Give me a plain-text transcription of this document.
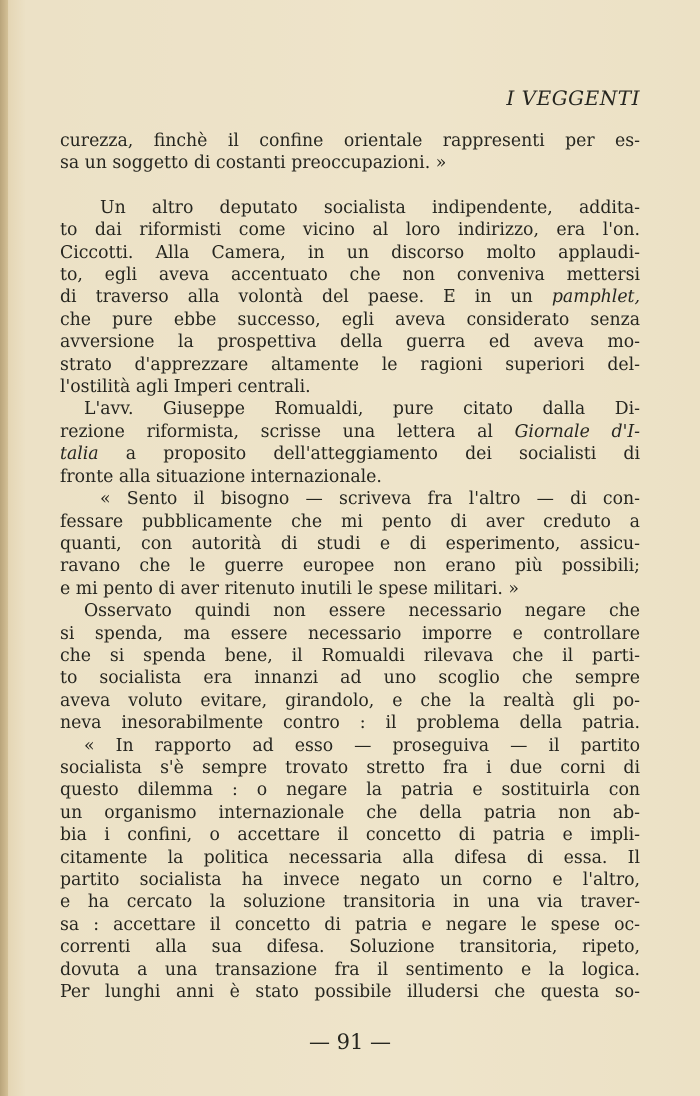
I VEGGENTI

curezza, finchè il confine orientale rappresenti per es-
sa un soggetto di costanti preoccupazioni. »

Un altro deputato socialista indipendente, addita-
to dai riformisti come vicino al loro indirizzo, era l'on.
Ciccotti. Alla Camera, in un discorso molto applaudi-
to, egli aveva accentuato che non conveniva mettersi
di traverso alla volontà del paese. E in un pamphlet,
che pure ebbe successo, egli aveva considerato senza
avversione la prospettiva della guerra ed aveva mo-
strato d'apprezzare altamente le ragioni superiori del-
l'ostilità agli Imperi centrali.

L'avv. Giuseppe Romualdi, pure citato dalla Di-
rezione riformista, scrisse una lettera al Giornale d'I-
talia a proposito dell'atteggiamento dei socialisti di
fronte alla situazione internazionale.

« Sento il bisogno — scriveva fra l'altro — di con-
fessare pubblicamente che mi pento di aver creduto a
quanti, con autorità di studi e di esperimento, assicu-
ravano che le guerre europee non erano più possibili;
e mi pento di aver ritenuto inutili le spese militari. »

Osservato quindi non essere necessario negare che
si spenda, ma essere necessario imporre e controllare
che si spenda bene, il Romualdi rilevava che il parti-
to socialista era innanzi ad uno scoglio che sempre
aveva voluto evitare, girandolo, e che la realtà gli po-
neva inesorabilmente contro : il problema della patria.

« In rapporto ad esso — proseguiva — il partito
socialista s'è sempre trovato stretto fra i due corni di
questo dilemma : o negare la patria e sostituirla con
un organismo internazionale che della patria non ab-
bia i confini, o accettare il concetto di patria e impli-
citamente la politica necessaria alla difesa di essa. Il
partito socialista ha invece negato un corno e l'altro,
e ha cercato la soluzione transitoria in una via traver-
sa : accettare il concetto di patria e negare le spese oc-
correnti alla sua difesa. Soluzione transitoria, ripeto,
dovuta a una transazione fra il sentimento e la logica.
Per lunghi anni è stato possibile illudersi che questa so-

— 91 —
